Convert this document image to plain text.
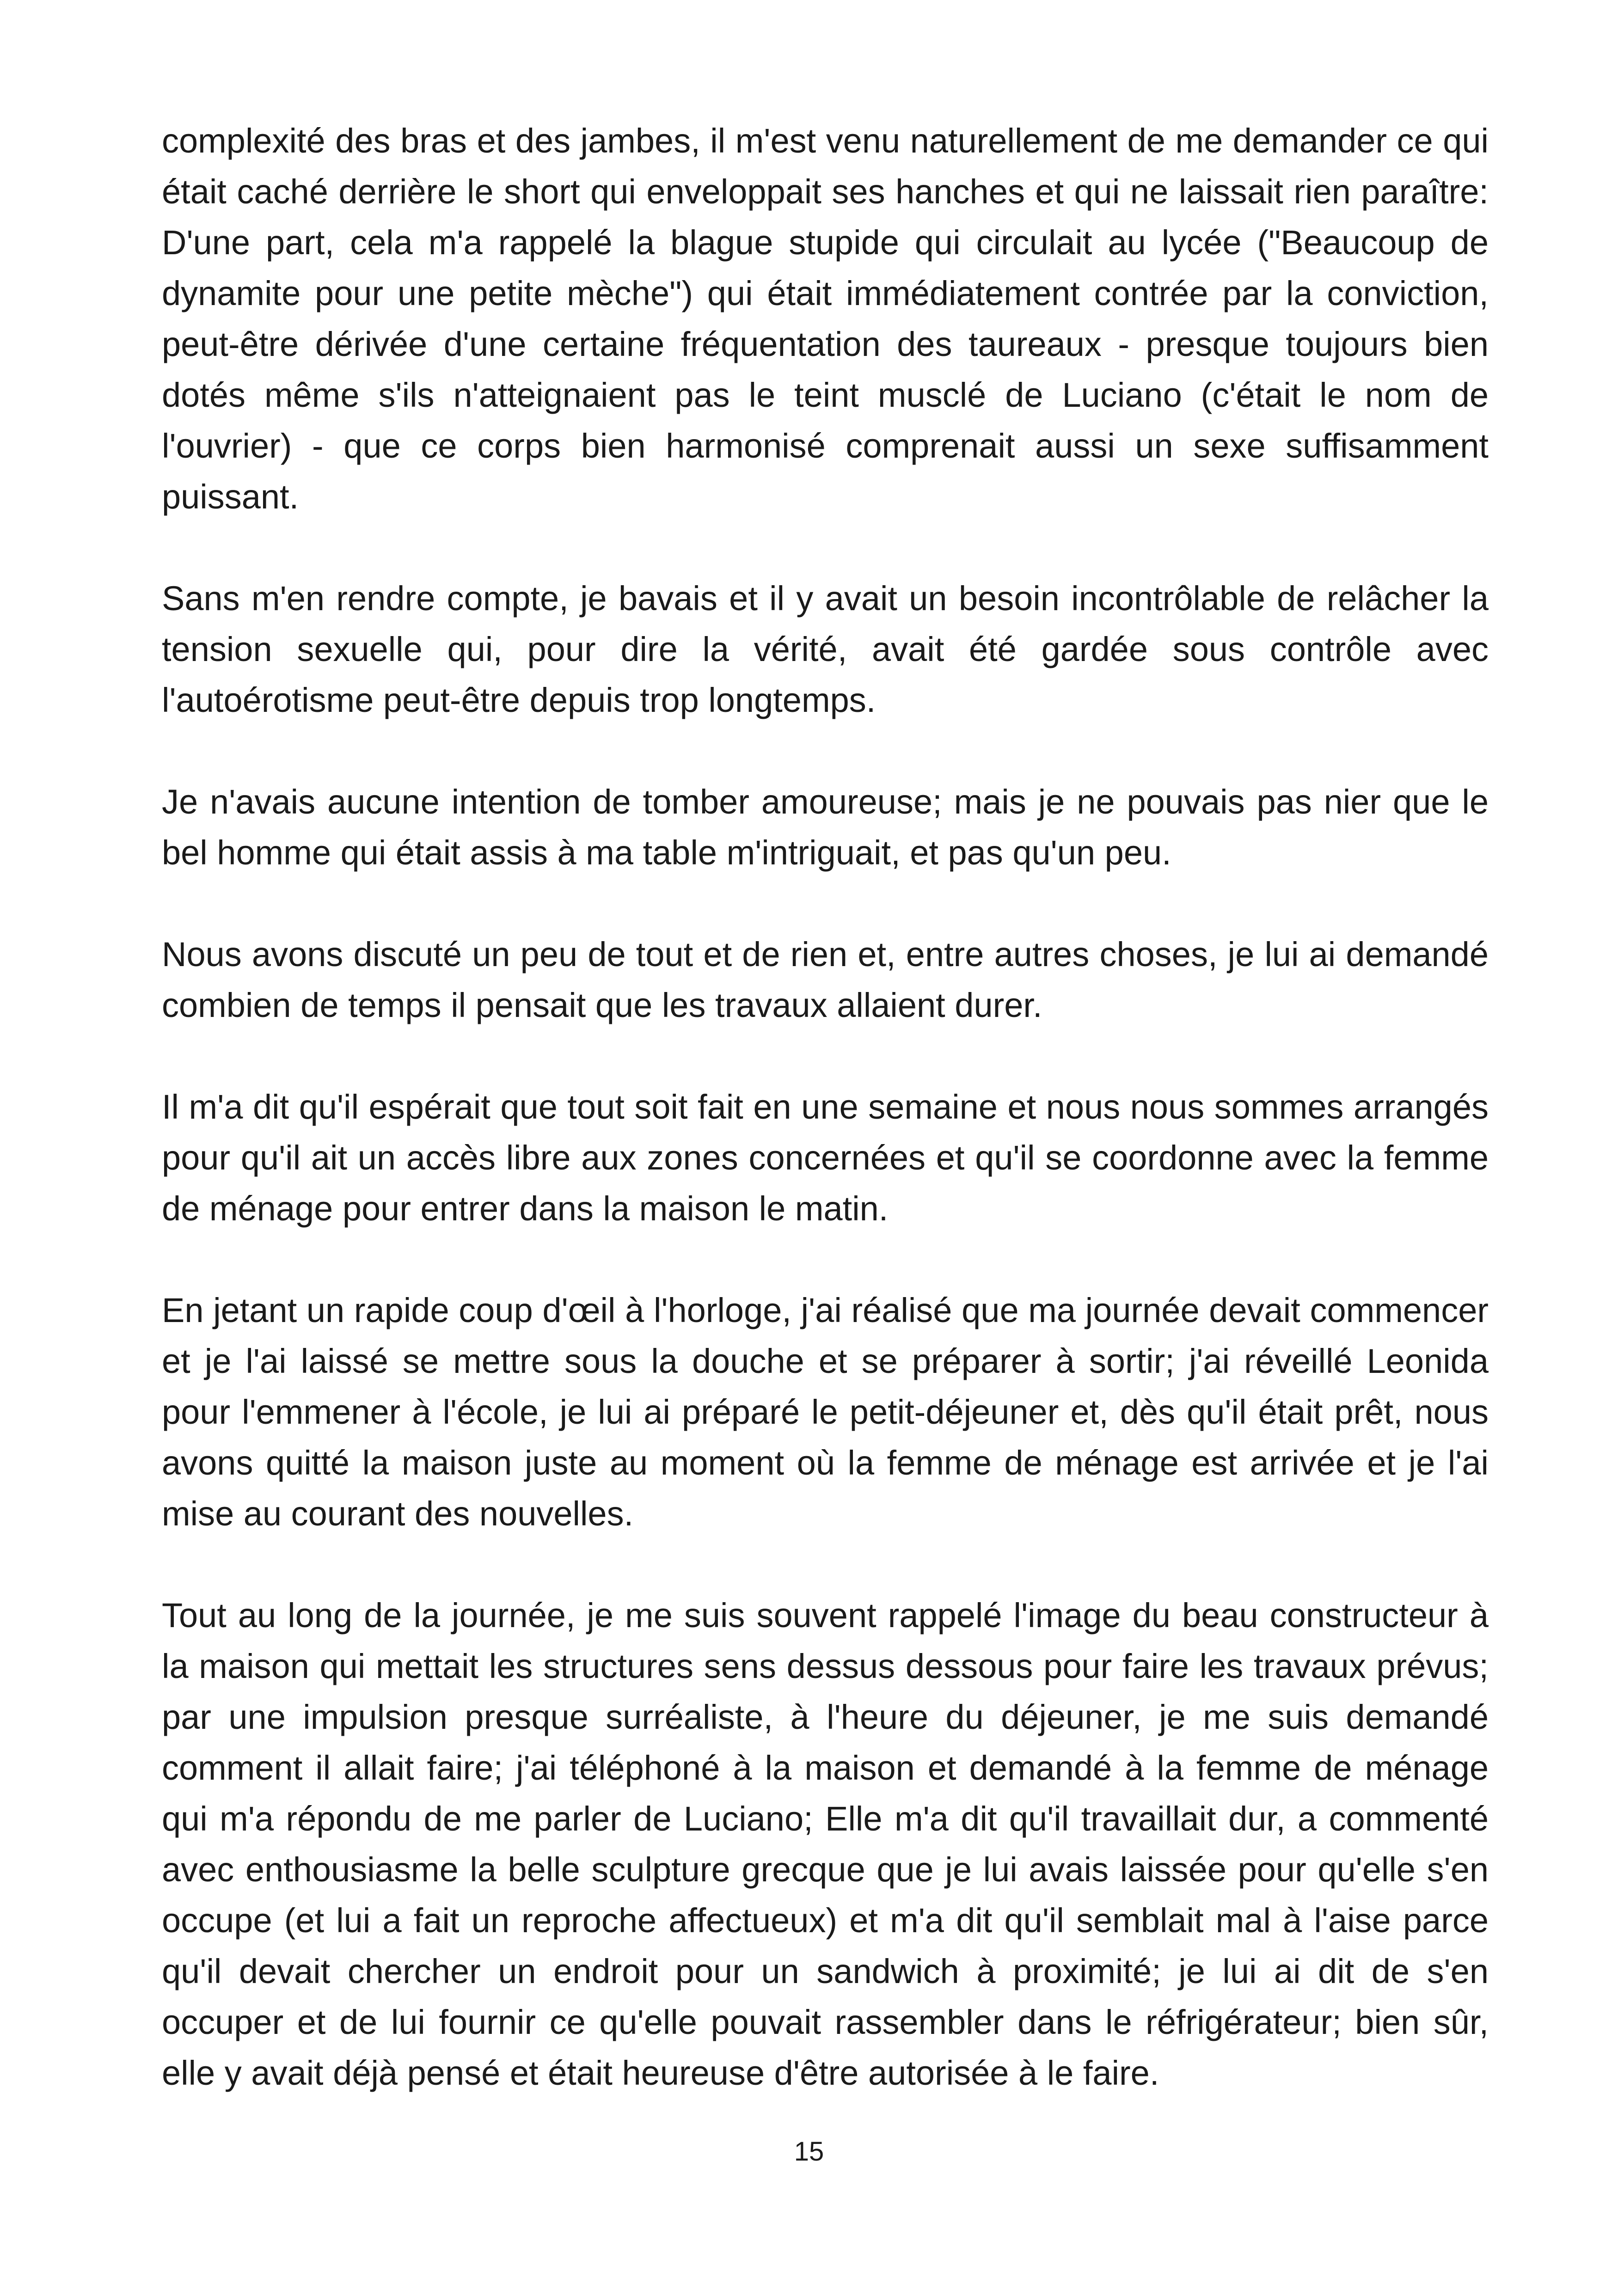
complexité des bras et des jambes, il m'est venu naturellement de me demander ce qui était caché derrière le short qui enveloppait ses hanches et qui ne laissait rien paraître: D'une part, cela m'a rappelé la blague stupide qui circulait au lycée ("Beaucoup de dynamite pour une petite mèche") qui était immédiatement contrée par la conviction, peut-être dérivée d'une certaine fréquentation des taureaux - presque toujours bien dotés même s'ils n'atteignaient pas le teint musclé de Luciano (c'était le nom de l'ouvrier) - que ce corps bien harmonisé comprenait aussi un sexe suffisamment puissant.

Sans m'en rendre compte, je bavais et il y avait un besoin incontrôlable de relâcher la tension sexuelle qui, pour dire la vérité, avait été gardée sous contrôle avec l'autoérotisme peut-être depuis trop longtemps.

Je n'avais aucune intention de tomber amoureuse; mais je ne pouvais pas nier que le bel homme qui était assis à ma table m'intriguait, et pas qu'un peu.

Nous avons discuté un peu de tout et de rien et, entre autres choses, je lui ai demandé combien de temps il pensait que les travaux allaient durer.

Il m'a dit qu'il espérait que tout soit fait en une semaine et nous nous sommes arrangés pour qu'il ait un accès libre aux zones concernées et qu'il se coordonne avec la femme de ménage pour entrer dans la maison le matin.

En jetant un rapide coup d'œil à l'horloge, j'ai réalisé que ma journée devait commencer et je l'ai laissé se mettre sous la douche et se préparer à sortir; j'ai réveillé Leonida pour l'emmener à l'école, je lui ai préparé le petit-déjeuner et, dès qu'il était prêt, nous avons quitté la maison juste au moment où la femme de ménage est arrivée et je l'ai mise au courant des nouvelles.

Tout au long de la journée, je me suis souvent rappelé l'image du beau constructeur à la maison qui mettait les structures sens dessus dessous pour faire les travaux prévus; par une impulsion presque surréaliste, à l'heure du déjeuner, je me suis demandé comment il allait faire; j'ai téléphoné à la maison et demandé à la femme de ménage qui m'a répondu de me parler de Luciano; Elle m'a dit qu'il travaillait dur, a commenté avec enthousiasme la belle sculpture grecque que je lui avais laissée pour qu'elle s'en occupe (et lui a fait un reproche affectueux) et m'a dit qu'il semblait mal à l'aise parce qu'il devait chercher un endroit pour un sandwich à proximité; je lui ai dit de s'en occuper et de lui fournir ce qu'elle pouvait rassembler dans le réfrigérateur; bien sûr, elle y avait déjà pensé et était heureuse d'être autorisée à le faire.

15
